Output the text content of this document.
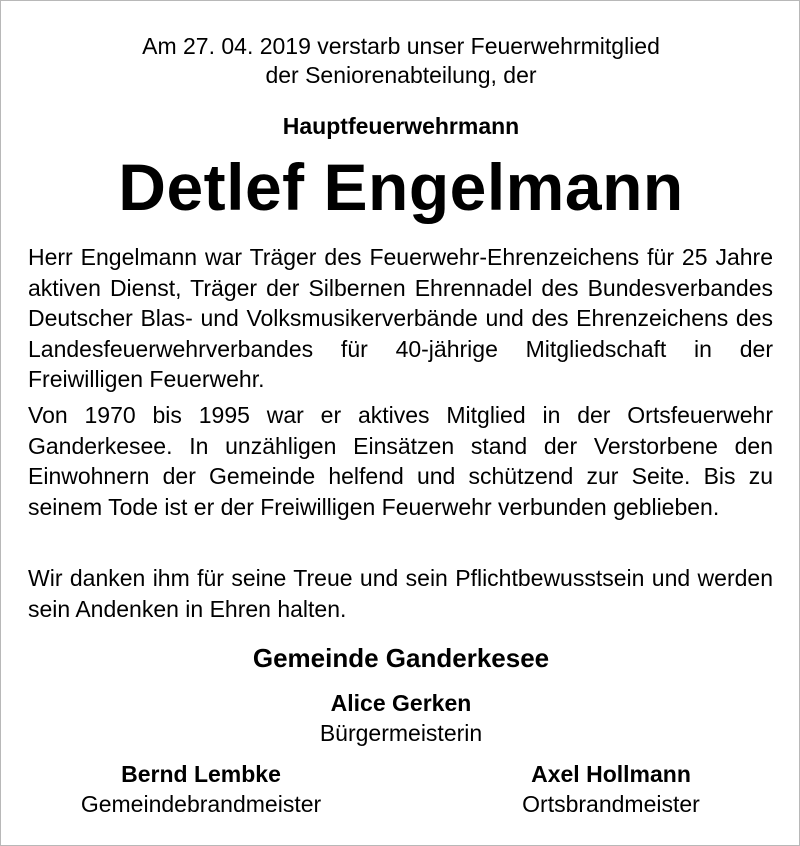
Am 27. 04. 2019 verstarb unser Feuerwehrmitglied
der Seniorenabteilung, der
Hauptfeuerwehrmann
Detlef Engelmann

Herr Engelmann war Träger des Feuerwehr-Ehrenzeichens für 25 Jahre aktiven Dienst, Träger der Silbernen Ehrennadel des Bundesverbandes Deutscher Blas- und Volksmusikerverbände und des Ehrenzeichens des Landesfeuerwehrverbandes für 40-jährige Mitgliedschaft in der Freiwilligen Feuerwehr.

Von 1970 bis 1995 war er aktives Mitglied in der Ortsfeuerwehr Ganderkesee. In unzähligen Einsätzen stand der Verstorbene den Einwohnern der Gemeinde helfend und schützend zur Seite. Bis zu seinem Tode ist er der Freiwilligen Feuerwehr verbunden geblieben.

Wir danken ihm für seine Treue und sein Pflichtbewusstsein und werden sein Andenken in Ehren halten.

Gemeinde Ganderkesee
Alice Gerken
Bürgermeisterin
Bernd Lembke
Gemeindebrandmeister
Axel Hollmann
Ortsbrandmeister
